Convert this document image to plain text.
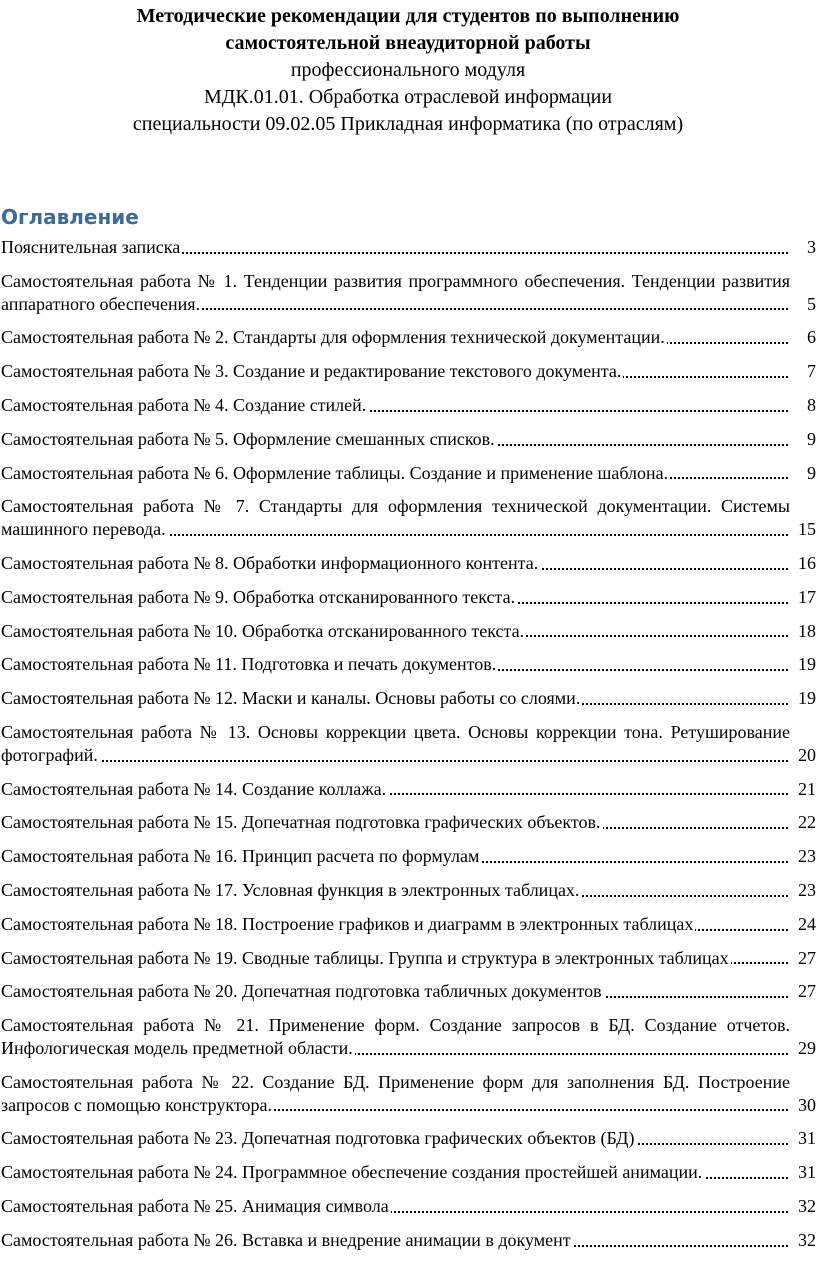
Методические рекомендации для студентов по выполнению
самостоятельной внеаудиторной работы
профессионального модуля
МДК.01.01. Обработка отраслевой информации
специальности 09.02.05 Прикладная информатика (по отраслям)
Оглавление
Пояснительная записка	3
Самостоятельная работа № 1. Тенденции развития программного обеспечения. Тенденции развития аппаратного обеспечения.	5
Самостоятельная работа № 2. Стандарты для оформления технической документации.	6
Самостоятельная работа № 3. Создание и редактирование текстового документа.	7
Самостоятельная работа № 4. Создание стилей.	8
Самостоятельная работа № 5. Оформление смешанных списков.	9
Самостоятельная работа № 6. Оформление таблицы. Создание и применение шаблона.	9
Самостоятельная работа № 7. Стандарты для оформления технической документации. Системы машинного перевода.	15
Самостоятельная работа № 8. Обработки информационного контента.	16
Самостоятельная работа № 9. Обработка отсканированного текста.	17
Самостоятельная работа № 10. Обработка отсканированного текста.	18
Самостоятельная работа № 11. Подготовка и печать документов.	19
Самостоятельная работа № 12. Маски и каналы. Основы работы со слоями.	19
Самостоятельная работа № 13. Основы коррекции цвета. Основы коррекции тона. Ретуширование фотографий.	20
Самостоятельная работа № 14. Создание коллажа.	21
Самостоятельная работа № 15. Допечатная подготовка графических объектов.	22
Самостоятельная работа № 16. Принцип расчета по формулам	23
Самостоятельная работа № 17. Условная функция в электронных таблицах.	23
Самостоятельная работа № 18. Построение графиков и диаграмм в электронных таблицах	24
Самостоятельная работа № 19. Сводные таблицы. Группа и структура в электронных таблицах	27
Самостоятельная работа № 20. Допечатная подготовка табличных документов	27
Самостоятельная работа № 21. Применение форм. Создание запросов в БД. Создание отчетов. Инфологическая модель предметной области.	29
Самостоятельная работа № 22. Создание БД. Применение форм для заполнения БД. Построение запросов с помощью конструктора.	30
Самостоятельная работа № 23. Допечатная подготовка графических объектов (БД)	31
Самостоятельная работа № 24. Программное обеспечение создания простейшей анимации.	31
Самостоятельная работа № 25. Анимация символа	32
Самостоятельная работа № 26. Вставка и внедрение анимации в документ	32
